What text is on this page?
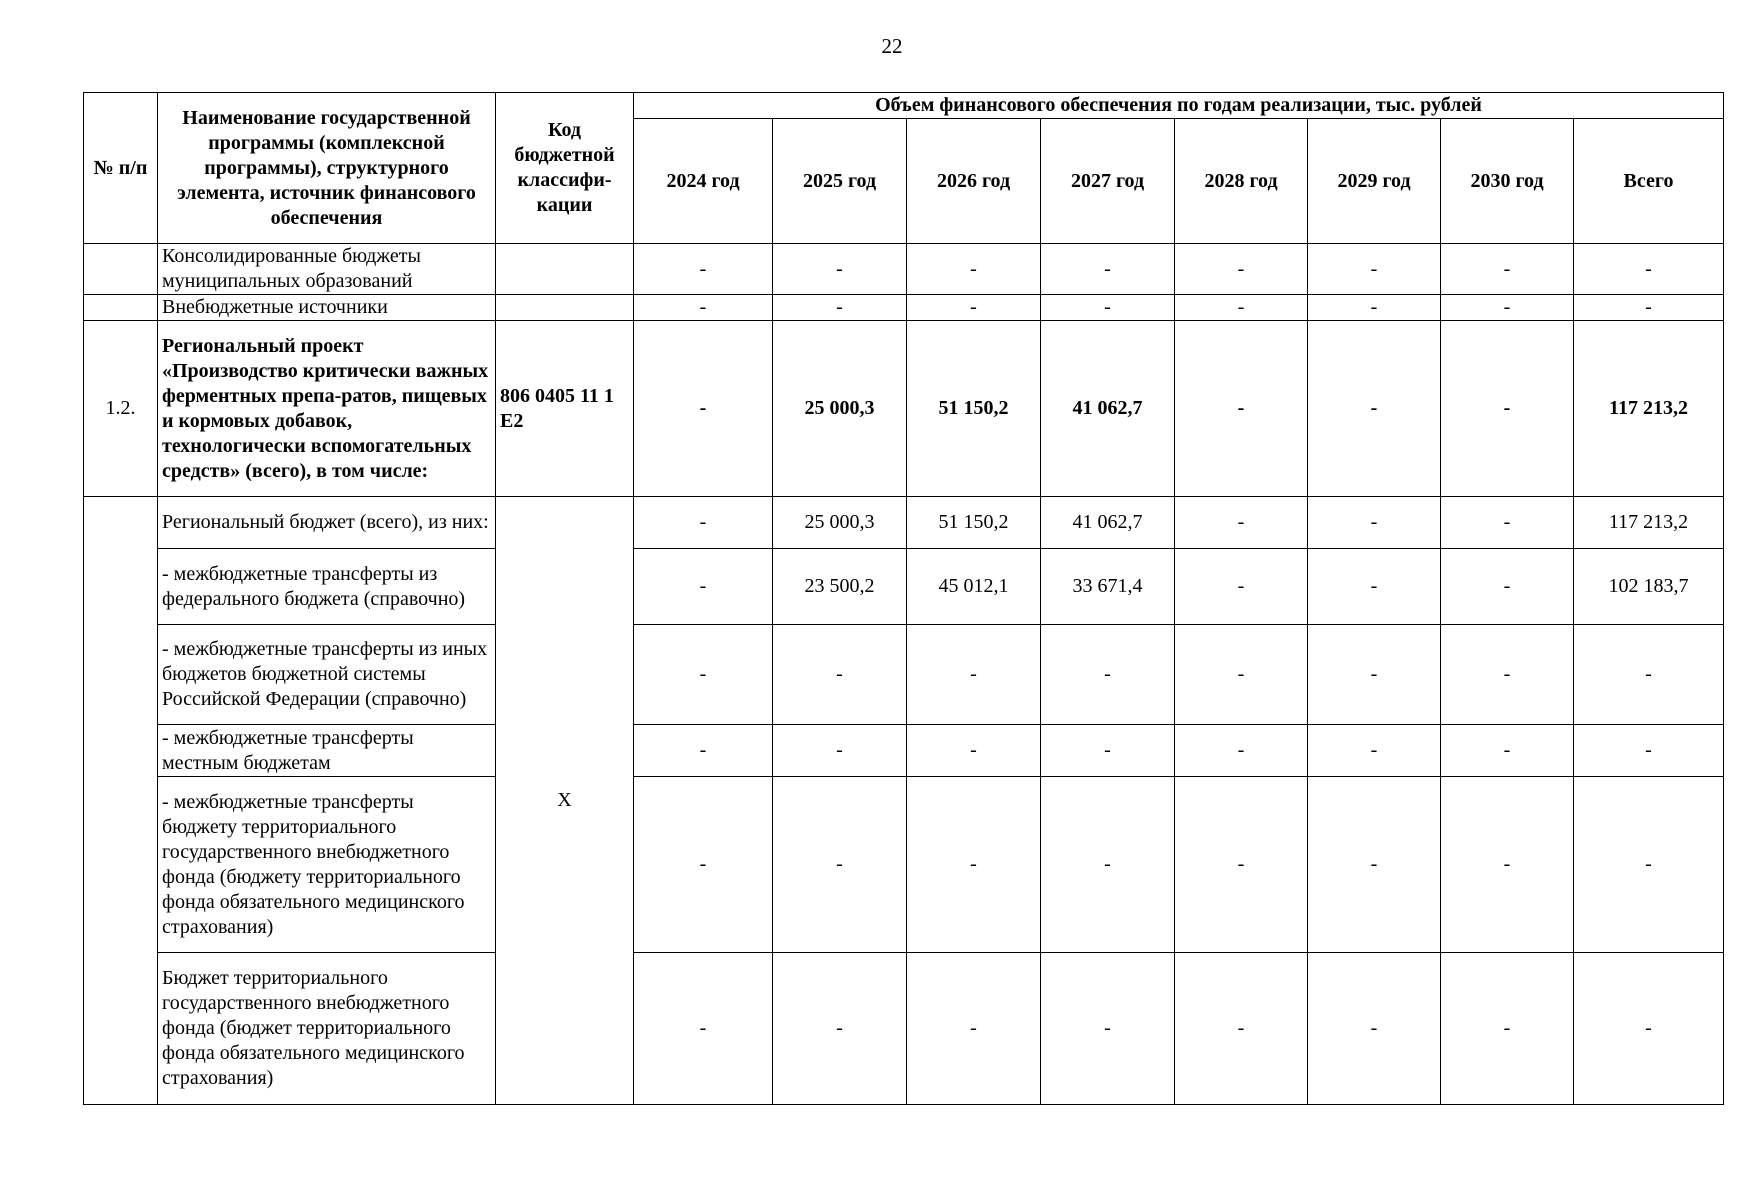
22
№ п/п	Наименование государственной программы (комплексной программы), структурного элемента, источник финансового обеспечения	Код бюджетной классифи-кации	Объем финансового обеспечения по годам реализации, тыс. рублей							
			2024 год	2025 год	2026 год	2027 год	2028 год	2029 год	2030 год	Всего
	Консолидированные бюджеты муниципальных образований		-	-	-	-	-	-	-	-
	Внебюджетные источники		-	-	-	-	-	-	-	-
1.2.	Региональный проект «Производство критически важных ферментных препа-ратов, пищевых и кормовых добавок, технологически вспомогательных средств» (всего), в том числе:	806 0405 11 1 Е2	-	25 000,3	51 150,2	41 062,7	-	-	-	117 213,2
	Региональный бюджет (всего), из них:	X	-	25 000,3	51 150,2	41 062,7	-	-	-	117 213,2
	- межбюджетные трансферты из федерального бюджета (справочно)		-	23 500,2	45 012,1	33 671,4	-	-	-	102 183,7
	- межбюджетные трансферты из иных бюджетов бюджетной системы Российской Федерации (справочно)		-	-	-	-	-	-	-	-
	- межбюджетные трансферты местным бюджетам		-	-	-	-	-	-	-	-
	- межбюджетные трансферты бюджету территориального государственного внебюджетного фонда (бюджету территориального фонда обязательного медицинского страхования)		-	-	-	-	-	-	-	-
	Бюджет территориального государственного внебюджетного фонда (бюджет территориального фонда обязательного медицинского страхования)		-	-	-	-	-	-	-	-
